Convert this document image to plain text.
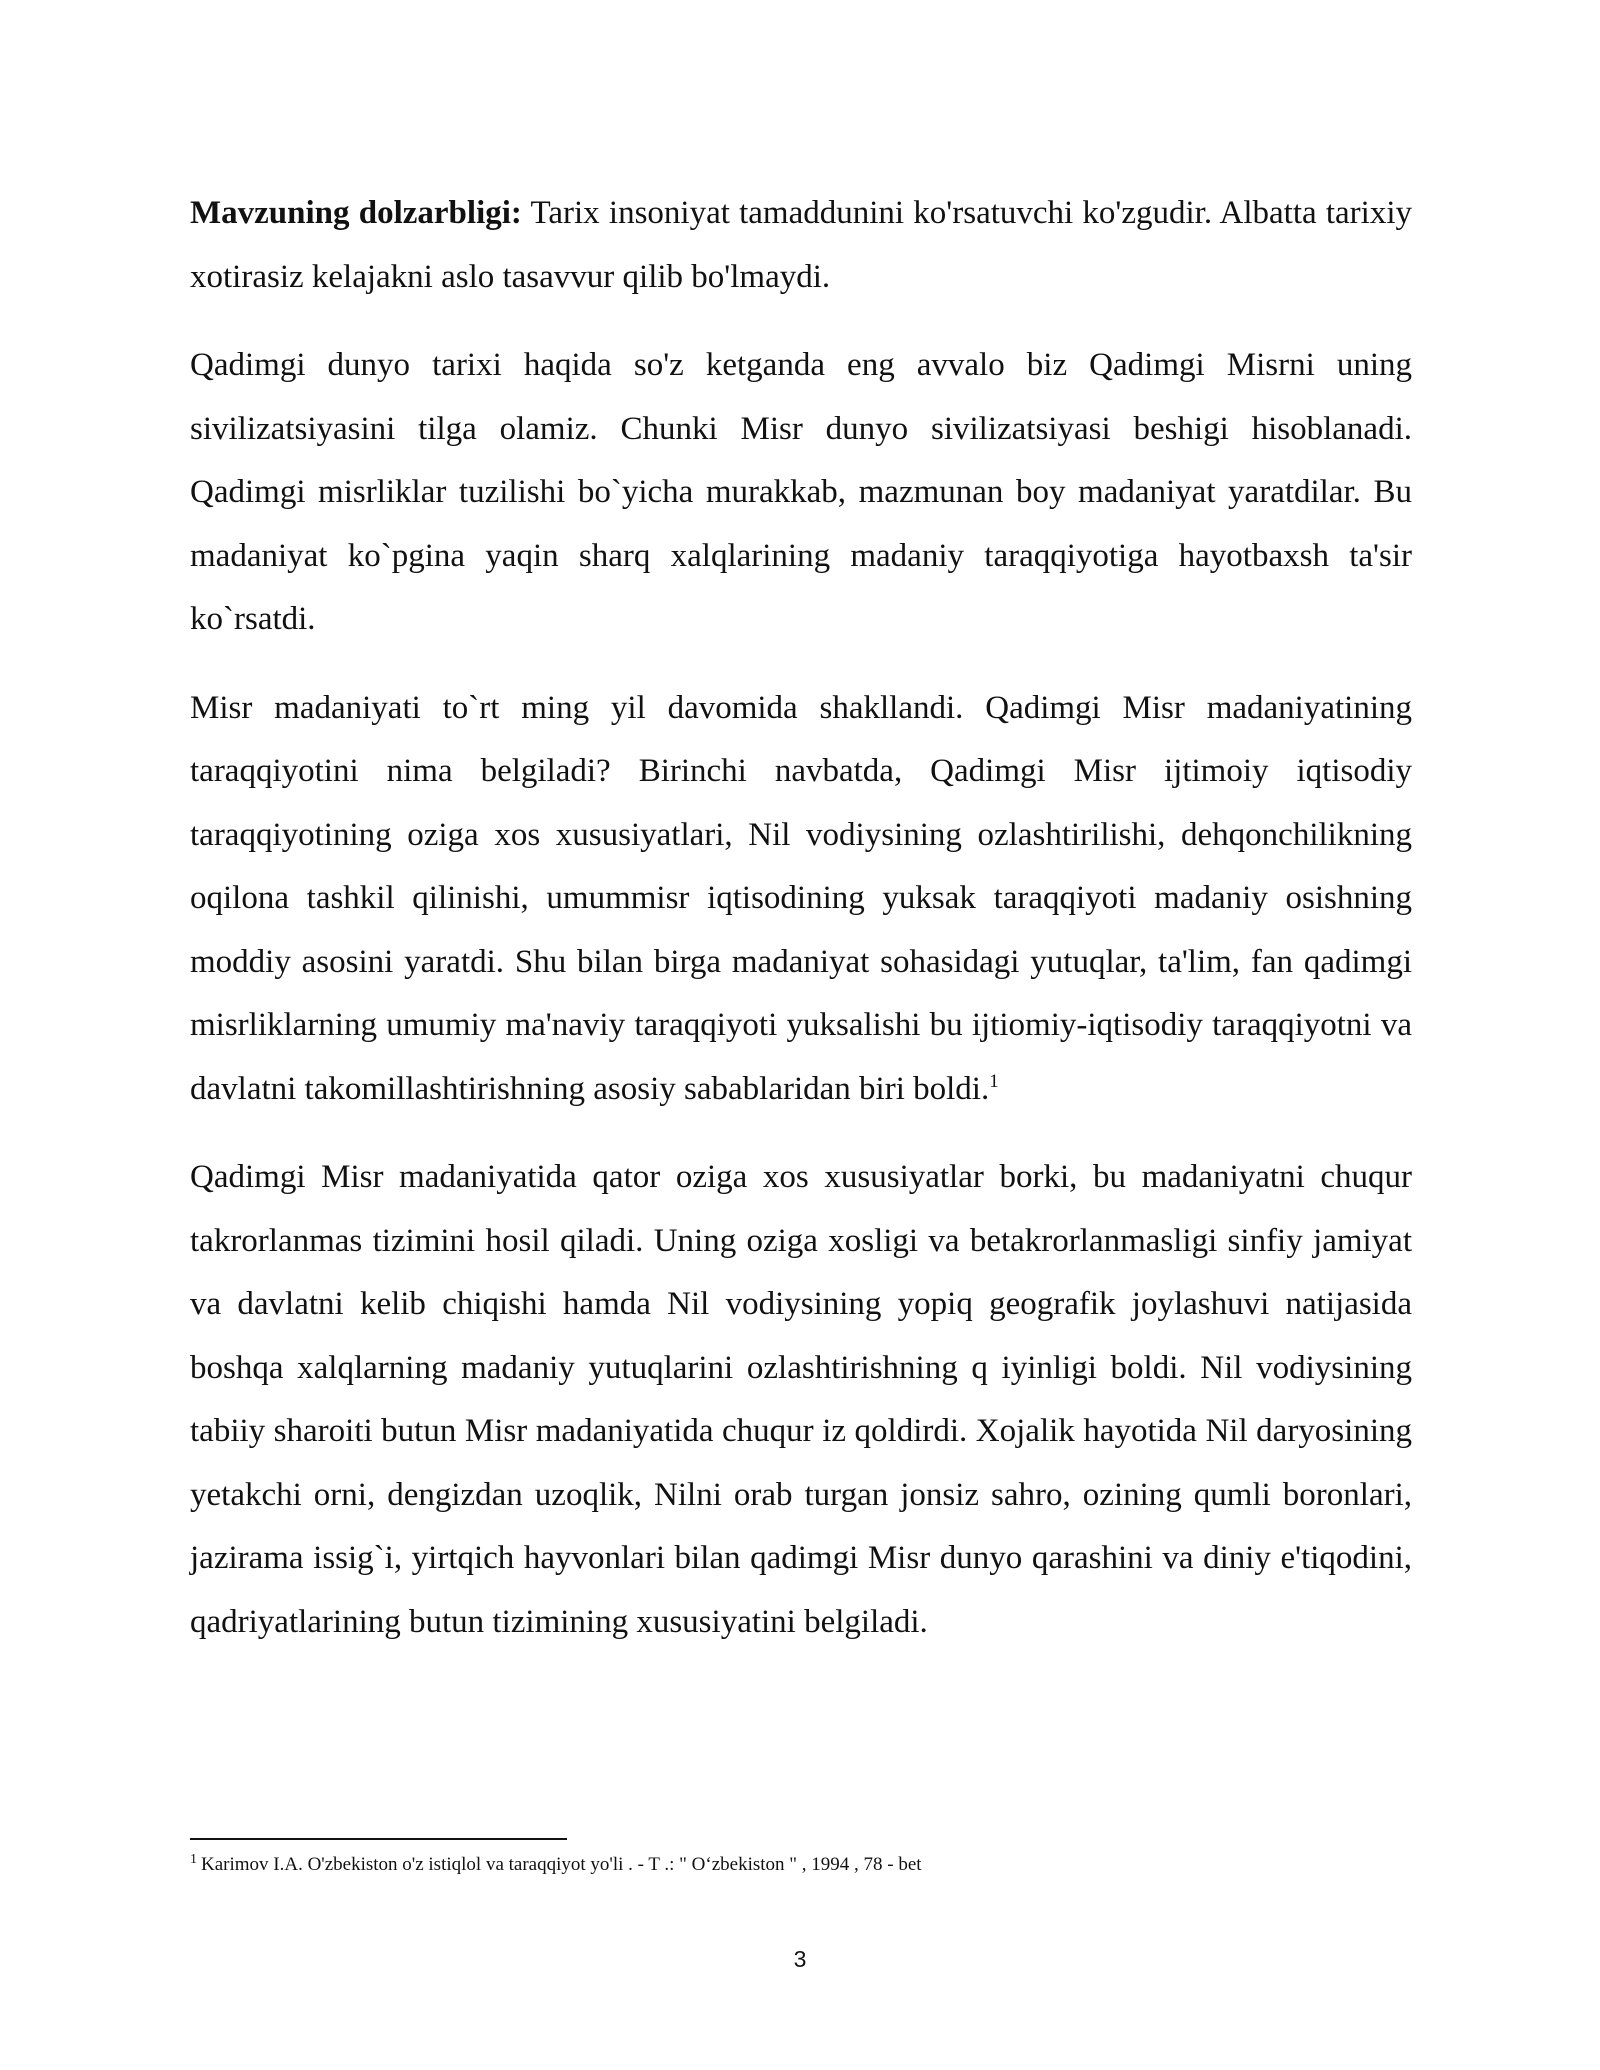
Mavzuning dolzarbligi: Tarix insoniyat tamaddunini ko'rsatuvchi ko'zgudir. Albatta tarixiy xotirasiz kelajakni aslo tasavvur qilib bo'lmaydi.

Qadimgi dunyo tarixi haqida so'z ketganda eng avvalo biz Qadimgi Misrni uning sivilizatsiyasini tilga olamiz. Chunki Misr dunyo sivilizatsiyasi beshigi hisoblanadi. Qadimgi misrliklar tuzilishi bo`yicha murakkab, mazmunan boy madaniyat yaratdilar. Bu madaniyat ko`pgina yaqin sharq xalqlarining madaniy taraqqiyotiga hayotbaxsh ta'sir ko`rsatdi.

Misr madaniyati to`rt ming yil davomida shakllandi. Qadimgi Misr madaniyatining taraqqiyotini nima belgiladi? Birinchi navbatda, Qadimgi Misr ijtimoiy iqtisodiy taraqqiyotining oziga xos xususiyatlari, Nil vodiysining ozlashtirilishi, dehqonchilikning oqilona tashkil qilinishi, umummisr iqtisodining yuksak taraqqiyoti madaniy osishning moddiy asosini yaratdi. Shu bilan birga madaniyat sohasidagi yutuqlar, ta'lim, fan qadimgi misrliklarning umumiy ma'naviy taraqqiyoti yuksalishi bu ijtiomiy-iqtisodiy taraqqiyotni va davlatni takomillashtirishning asosiy sabablaridan biri boldi.$^1$

Qadimgi Misr madaniyatida qator oziga xos xususiyatlar borki, bu madaniyatni chuqur takrorlanmas tizimini hosil qiladi. Uning oziga xosligi va betakrorlanmasligi sinfiy jamiyat va davlatni kelib chiqishi hamda Nil vodiysining yopiq geografik joylashuvi natijasida boshqa xalqlarning madaniy yutuqlarini ozlashtirishning q iyinligi boldi. Nil vodiysining tabiiy sharoiti butun Misr madaniyatida chuqur iz qoldirdi. Xojalik hayotida Nil daryosining yetakchi orni, dengizdan uzoqlik, Nilni orab turgan jonsiz sahro, ozining qumli boronlari, jazirama issig`i, yirtqich hayvonlari bilan qadimgi Misr dunyo qarashini va diniy e'tiqodini, qadriyatlarining butun tizimining xususiyatini belgiladi.

$^1$ Karimov I.A. O'zbekiston o'z istiqlol va taraqqiyot yo'li . - T .: " O‘zbekiston " , 1994 , 78 - bet
3
